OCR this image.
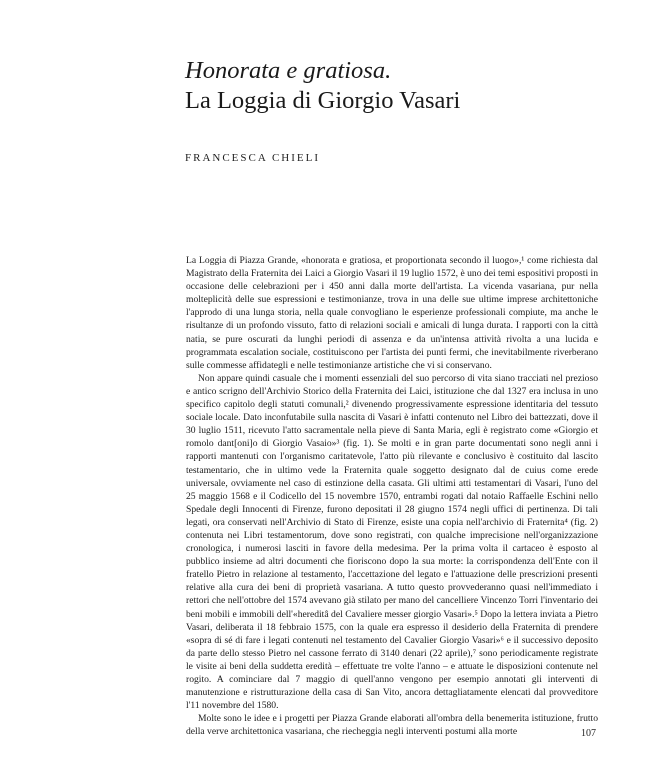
Honorata e gratiosa.
La Loggia di Giorgio Vasari
FRANCESCA CHIELI

La Loggia di Piazza Grande, «honorata e gratiosa, et proportionata secondo il luogo»,¹ come richiesta dal Magistrato della Fraternita dei Laici a Giorgio Vasari il 19 luglio 1572, è uno dei temi espositivi proposti in occasione delle celebrazioni per i 450 anni dalla morte dell'artista. La vicenda vasariana, pur nella molteplicità delle sue espressioni e testimonianze, trova in una delle sue ultime imprese architettoniche l'approdo di una lunga storia, nella quale convogliano le esperienze professionali compiute, ma anche le risultanze di un profondo vissuto, fatto di relazioni sociali e amicali di lunga durata. I rapporti con la città natia, se pure oscurati da lunghi periodi di assenza e da un'intensa attività rivolta a una lucida e programmata escalation sociale, costituiscono per l'artista dei punti fermi, che inevitabilmente riverberano sulle commesse affidategli e nelle testimonianze artistiche che vi si conservano.

Non appare quindi casuale che i momenti essenziali del suo percorso di vita siano tracciati nel prezioso e antico scrigno dell'Archivio Storico della Fraternita dei Laici, istituzione che dal 1327 era inclusa in uno specifico capitolo degli statuti comunali,² divenendo progressivamente espressione identitaria del tessuto sociale locale. Dato inconfutabile sulla nascita di Vasari è infatti contenuto nel Libro dei battezzati, dove il 30 luglio 1511, ricevuto l'atto sacramentale nella pieve di Santa Maria, egli è registrato come «Giorgio et romolo dant[oni]o di Giorgio Vasaio»³ (fig. 1). Se molti e in gran parte documentati sono negli anni i rapporti mantenuti con l'organismo caritatevole, l'atto più rilevante e conclusivo è costituito dal lascito testamentario, che in ultimo vede la Fraternita quale soggetto designato dal de cuius come erede universale, ovviamente nel caso di estinzione della casata. Gli ultimi atti testamentari di Vasari, l'uno del 25 maggio 1568 e il Codicello del 15 novembre 1570, entrambi rogati dal notaio Raffaelle Eschini nello Spedale degli Innocenti di Firenze, furono depositati il 28 giugno 1574 negli uffici di pertinenza. Di tali legati, ora conservati nell'Archivio di Stato di Firenze, esiste una copia nell'archivio di Fraternita⁴ (fig. 2) contenuta nei Libri testamentorum, dove sono registrati, con qualche imprecisione nell'organizzazione cronologica, i numerosi lasciti in favore della medesima. Per la prima volta il cartaceo è esposto al pubblico insieme ad altri documenti che fioriscono dopo la sua morte: la corrispondenza dell'Ente con il fratello Pietro in relazione al testamento, l'accettazione del legato e l'attuazione delle prescrizioni presenti relative alla cura dei beni di proprietà vasariana. A tutto questo provvederanno quasi nell'immediato i rettori che nell'ottobre del 1574 avevano già stilato per mano del cancelliere Vincenzo Torri l'inventario dei beni mobili e immobili dell'«hereditâ del Cavaliere messer giorgio Vasari».⁵ Dopo la lettera inviata a Pietro Vasari, deliberata il 18 febbraio 1575, con la quale era espresso il desiderio della Fraternita di prendere «sopra di sé di fare i legati contenuti nel testamento del Cavalier Giorgio Vasari»⁶ e il successivo deposito da parte dello stesso Pietro nel cassone ferrato di 3140 denari (22 aprile),⁷ sono periodicamente registrate le visite ai beni della suddetta eredità – effettuate tre volte l'anno – e attuate le disposizioni contenute nel rogito. A cominciare dal 7 maggio di quell'anno vengono per esempio annotati gli interventi di manutenzione e ristrutturazione della casa di San Vito, ancora dettagliatamente elencati dal provveditore l'11 novembre del 1580.

Molte sono le idee e i progetti per Piazza Grande elaborati all'ombra della benemerita istituzione, frutto della verve architettonica vasariana, che riecheggia negli interventi postumi alla morte	107
